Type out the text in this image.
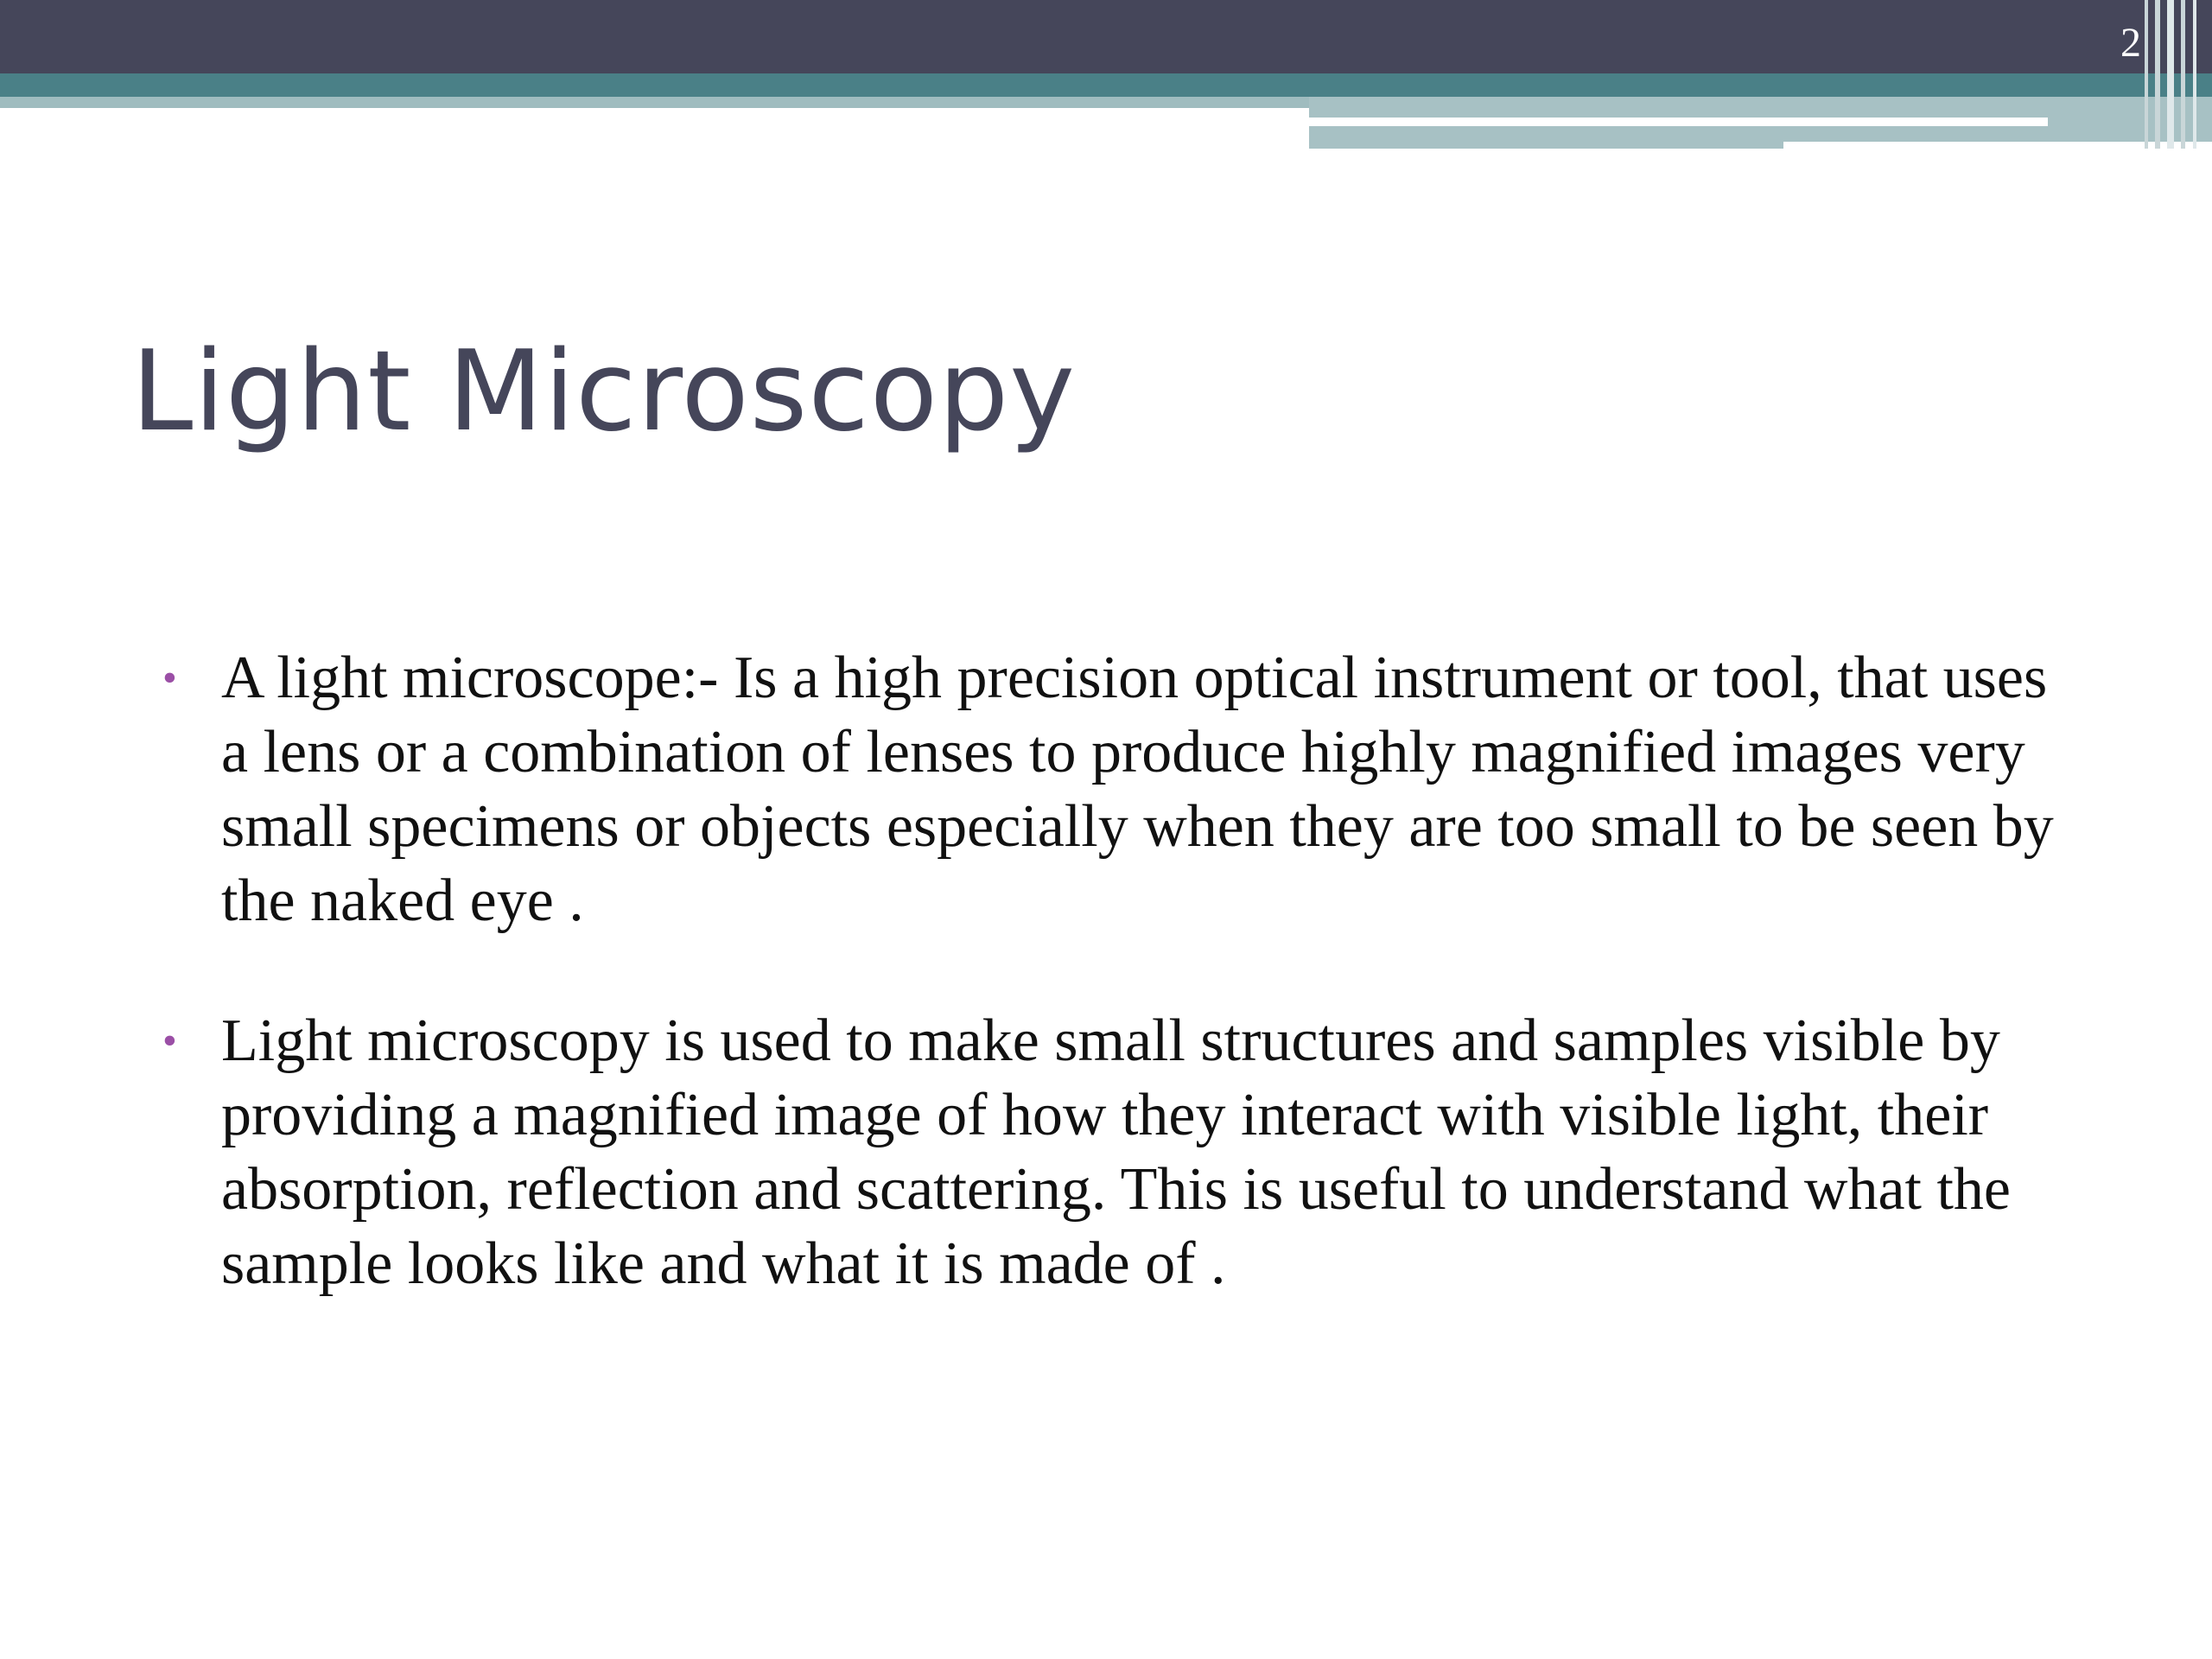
2
Light Microscopy
• A light microscope:- Is a high precision optical instrument or tool, that uses a lens or a combination of lenses to produce highly magnified images very small specimens or objects especially when they are too small to be seen by the naked eye .
• Light microscopy is used to make small structures and samples visible by providing a magnified image of how they interact with visible light, their absorption, reflection and scattering. This is useful to understand what the sample looks like and what it is made of .
